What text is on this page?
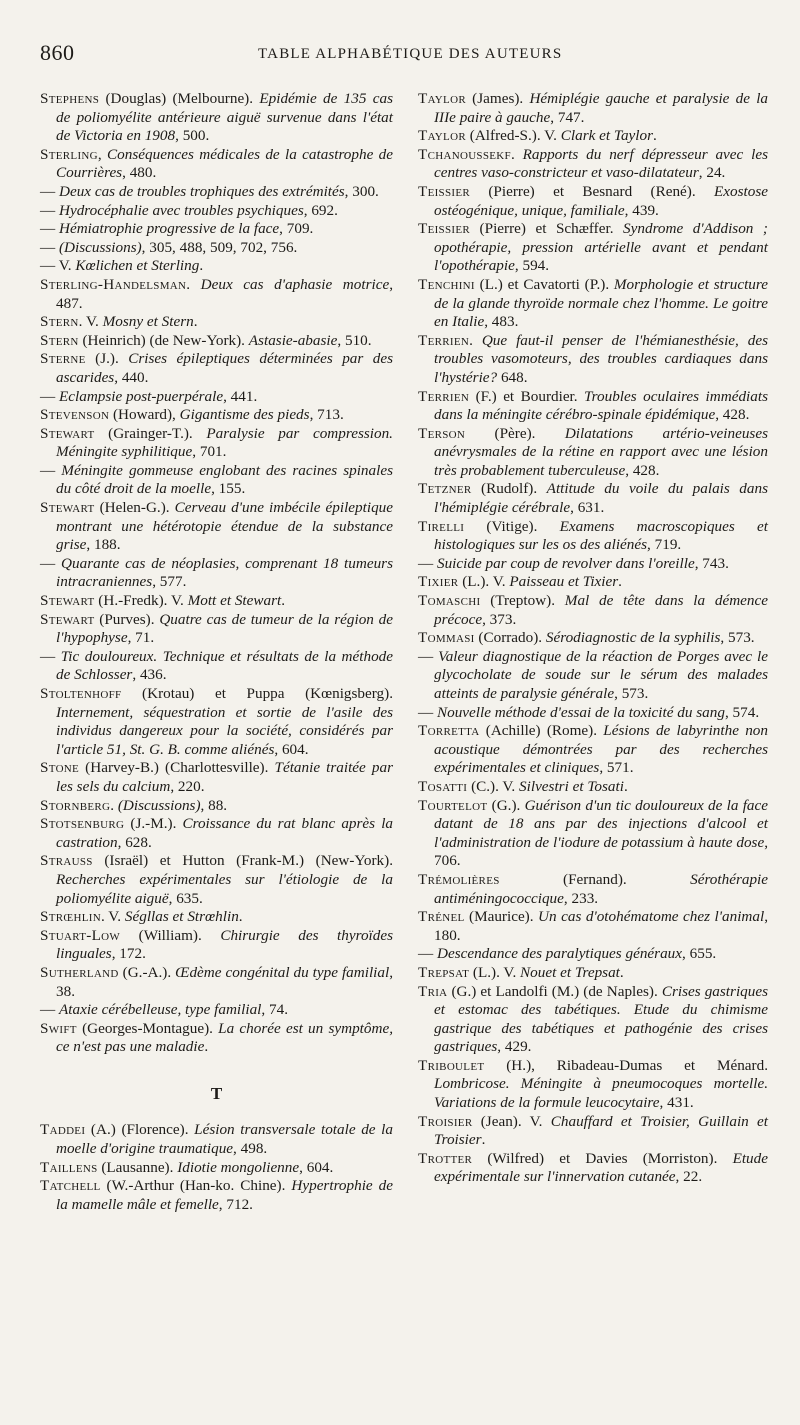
860	TABLE ALPHABÉTIQUE DES AUTEURS
Stephens (Douglas) (Melbourne). Epidémie de 135 cas de poliomyélite antérieure aiguë survenue dans l'état de Victoria en 1908, 500.
Sterling, Conséquences médicales de la catastrophe de Courrières, 480.
— Deux cas de troubles trophiques des extrémités, 300.
— Hydrocéphalie avec troubles psychiques, 692.
— Hémiatrophie progressive de la face, 709.
— (Discussions), 305, 488, 509, 702, 756.
— V. Kœlichen et Sterling.
Sterling-Handelsman. Deux cas d'aphasie motrice, 487.
Stern. V. Mosny et Stern.
Stern (Heinrich) (de New-York). Astasie-abasie, 510.
Sterne (J.). Crises épileptiques déterminées par des ascarides, 440.
— Eclampsie post-puerpérale, 441.
Stevenson (Howard), Gigantisme des pieds, 713.
Stewart (Grainger-T.). Paralysie par compression. Méningite syphilitique, 701.
— Méningite gommeuse englobant des racines spinales du côté droit de la moelle, 155.
Stewart (Helen-G.). Cerveau d'une imbécile épileptique montrant une hétérotopie étendue de la substance grise, 188.
— Quarante cas de néoplasies, comprenant 18 tumeurs intracraniennes, 577.
Stewart (H.-Fredk). V. Mott et Stewart.
Stewart (Purves). Quatre cas de tumeur de la région de l'hypophyse, 71.
— Tic douloureux. Technique et résultats de la méthode de Schlosser, 436.
Stoltenhoff (Krotau) et Puppa (Kœnigsberg). Internement, séquestration et sortie de l'asile des individus dangereux pour la société, considérés par l'article 51, St. G. B. comme aliénés, 604.
Stone (Harvey-B.) (Charlottesville). Tétanie traitée par les sels du calcium, 220.
Stornberg. (Discussions), 88.
Stotsenburg (J.-M.). Croissance du rat blanc après la castration, 628.
Strauss (Israël) et Hutton (Frank-M.) (New-York). Recherches expérimentales sur l'étiologie de la poliomyélite aiguë, 635.
Strœhlin. V. Ségllas et Strœhlin.
Stuart-Low (William). Chirurgie des thyroïdes linguales, 172.
Sutherland (G.-A.). Œdème congénital du type familial, 38.
— Ataxie cérébelleuse, type familial, 74.
Swift (Georges-Montague). La chorée est un symptôme, ce n'est pas une maladie.
T
Taddei (A.) (Florence). Lésion transversale totale de la moelle d'origine traumatique, 498.
Taillens (Lausanne). Idiotie mongolienne, 604.
Tatchell (W.-Arthur (Han-ko. Chine). Hypertrophie de la mamelle mâle et femelle, 712.
Taylor (James). Hémiplégie gauche et paralysie de la IIIe paire à gauche, 747.
Taylor (Alfred-S.). V. Clark et Taylor.
Tchanoussekf. Rapports du nerf dépresseur avec les centres vaso-constricteur et vaso-dilatateur, 24.
Teissier (Pierre) et Besnard (René). Exostose ostéogénique, unique, familiale, 439.
Teissier (Pierre) et Schæffer. Syndrome d'Addison ; opothérapie, pression artérielle avant et pendant l'opothérapie, 594.
Tenchini (L.) et Cavatorti (P.). Morphologie et structure de la glande thyroïde normale chez l'homme. Le goitre en Italie, 483.
Terrien. Que faut-il penser de l'hémianesthésie, des troubles vasomoteurs, des troubles cardiaques dans l'hystérie? 648.
Terrien (F.) et Bourdier. Troubles oculaires immédiats dans la méningite cérébro-spinale épidémique, 428.
Terson (Père). Dilatations artério-veineuses anévrysmales de la rétine en rapport avec une lésion très probablement tuberculeuse, 428.
Tetzner (Rudolf). Attitude du voile du palais dans l'hémiplégie cérébrale, 631.
Tirelli (Vitige). Examens macroscopiques et histologiques sur les os des aliénés, 719.
— Suicide par coup de revolver dans l'oreille, 743.
Tixier (L.). V. Paisseau et Tixier.
Tomaschi (Treptow). Mal de tête dans la démence précoce, 373.
Tommasi (Corrado). Sérodiagnostic de la syphilis, 573.
— Valeur diagnostique de la réaction de Porges avec le glycocholate de soude sur le sérum des malades atteints de paralysie générale, 573.
— Nouvelle méthode d'essai de la toxicité du sang, 574.
Torretta (Achille) (Rome). Lésions de labyrinthe non acoustique démontrées par des recherches expérimentales et cliniques, 571.
Tosatti (C.). V. Silvestri et Tosati.
Tourtelot (G.). Guérison d'un tic douloureux de la face datant de 18 ans par des injections d'alcool et l'administration de l'iodure de potassium à haute dose, 706.
Trémolières (Fernand). Sérothérapie antiméningococcique, 233.
Trénel (Maurice). Un cas d'otohématome chez l'animal, 180.
— Descendance des paralytiques généraux, 655.
Trepsat (L.). V. Nouet et Trepsat.
Tria (G.) et Landolfi (M.) (de Naples). Crises gastriques et estomac des tabétiques. Etude du chimisme gastrique des tabétiques et pathogénie des crises gastriques, 429.
Triboulet (H.), Ribadeau-Dumas et Ménard. Lombricose. Méningite à pneumocoques mortelle. Variations de la formule leucocytaire, 431.
Troisier (Jean). V. Chauffard et Troisier, Guillain et Troisier.
Trotter (Wilfred) et Davies (Morriston). Etude expérimentale sur l'innervation cutanée, 22.
